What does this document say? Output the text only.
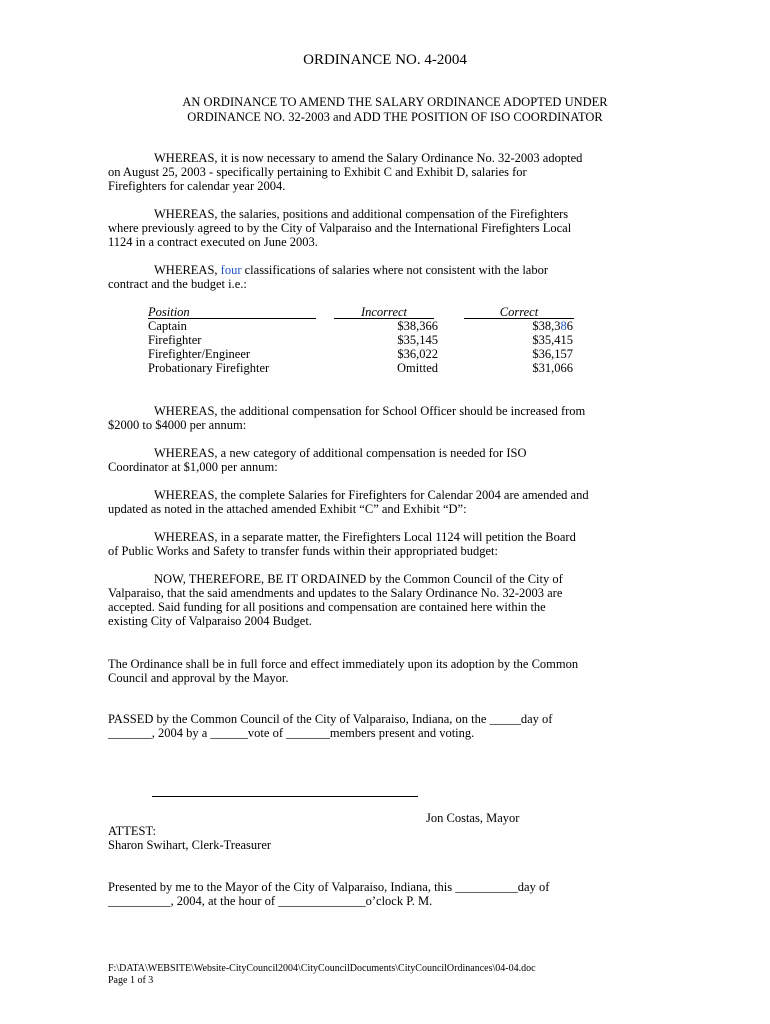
ORDINANCE NO. 4-2004
AN ORDINANCE TO AMEND THE SALARY ORDINANCE ADOPTED UNDER
ORDINANCE NO. 32-2003 and ADD THE POSITION OF ISO COORDINATOR
WHEREAS, it is now necessary to amend the Salary Ordinance No. 32-2003 adopted
on August 25, 2003 - specifically pertaining to Exhibit C and Exhibit D, salaries for
Firefighters for calendar year 2004.
WHEREAS, the salaries, positions and additional compensation of the Firefighters
where previously agreed to by the City of Valparaiso and the International Firefighters Local
1124 in a contract executed on June 2003.
WHEREAS, four classifications of salaries where not consistent with the labor
contract and the budget i.e.:
Position	Incorrect	Correct
Captain	$38,366	$38,386
Firefighter	$35,145	$35,415
Firefighter/Engineer	$36,022	$36,157
Probationary Firefighter	Omitted	$31,066
WHEREAS, the additional compensation for School Officer should be increased from
$2000 to $4000 per annum:
WHEREAS, a new category of additional compensation is needed for ISO
Coordinator at $1,000 per annum:
WHEREAS, the complete Salaries for Firefighters for Calendar 2004 are amended and
updated as noted in the attached amended Exhibit “C” and Exhibit “D”:
WHEREAS, in a separate matter, the Firefighters Local 1124 will petition the Board
of Public Works and Safety to transfer funds within their appropriated budget:
NOW, THEREFORE, BE IT ORDAINED by the Common Council of the City of
Valparaiso, that the said amendments and updates to the Salary Ordinance No. 32-2003 are
accepted. Said funding for all positions and compensation are contained here within the
existing City of Valparaiso 2004 Budget.
The Ordinance shall be in full force and effect immediately upon its adoption by the Common
Council and approval by the Mayor.
PASSED by the Common Council of the City of Valparaiso, Indiana, on the _____day of
_______, 2004 by a ______vote of _______members present and voting.
Jon Costas, Mayor
ATTEST:
Sharon Swihart, Clerk-Treasurer
Presented by me to the Mayor of the City of Valparaiso, Indiana, this __________day of
__________, 2004, at the hour of ______________o’clock P. M.
F:\DATA\WEBSITE\Website-CityCouncil2004\CityCouncilDocuments\CityCouncilOrdinances\04-04.doc
Page 1 of 3
